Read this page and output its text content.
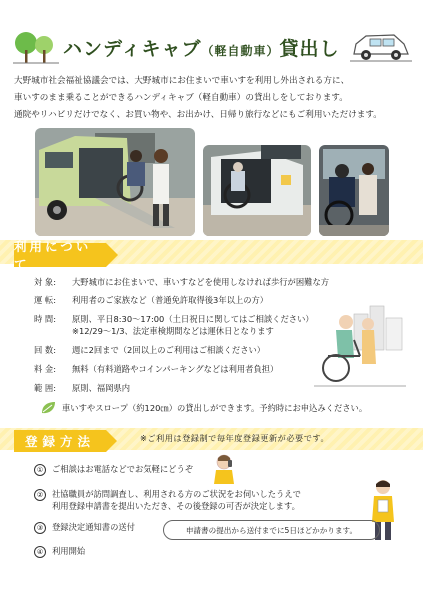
ハンディキャブ（軽自動車）貸出し
大野城市社会福祉協議会では、大野城市にお住まいで車いすを利用し外出される方に、
車いすのまま乗ることができるハンディキャブ（軽自動車）の貸出しをしております。
通院やリハビリだけでなく、お買い物や、お出かけ、日帰り旅行などにもご利用いただけます。
利用について
対 象: 大野城市にお住まいで、車いすなどを使用しなければ歩行が困難な方
運 転: 利用者のご家族など（普通免許取得後3年以上の方）
時 間: 原則、平日8:30～17:00（土日祝日に関してはご相談ください）
※12/29～1/3、法定車検期間などは運休日となります
回 数: 週に2回まで（2回以上のご利用はご相談ください）
料 金: 無料（有料道路やコインパーキングなどは利用者負担）
範 囲: 原則、福岡県内
車いすやスロープ（約120㎝）の貸出しができます。予約時にお申込みください。
登録方法	※ご利用は登録制で毎年度登録更新が必要です。
① ご相談はお電話などでお気軽にどうぞ
② 社協職員が訪問調査し、利用される方のご状況をお伺いしたうえで
利用登録申請書を提出いただき、その後登録の可否が決定します。
③ 登録決定通知書の送付	申請書の提出から送付までに5日ほどかかります。
④ 利用開始
